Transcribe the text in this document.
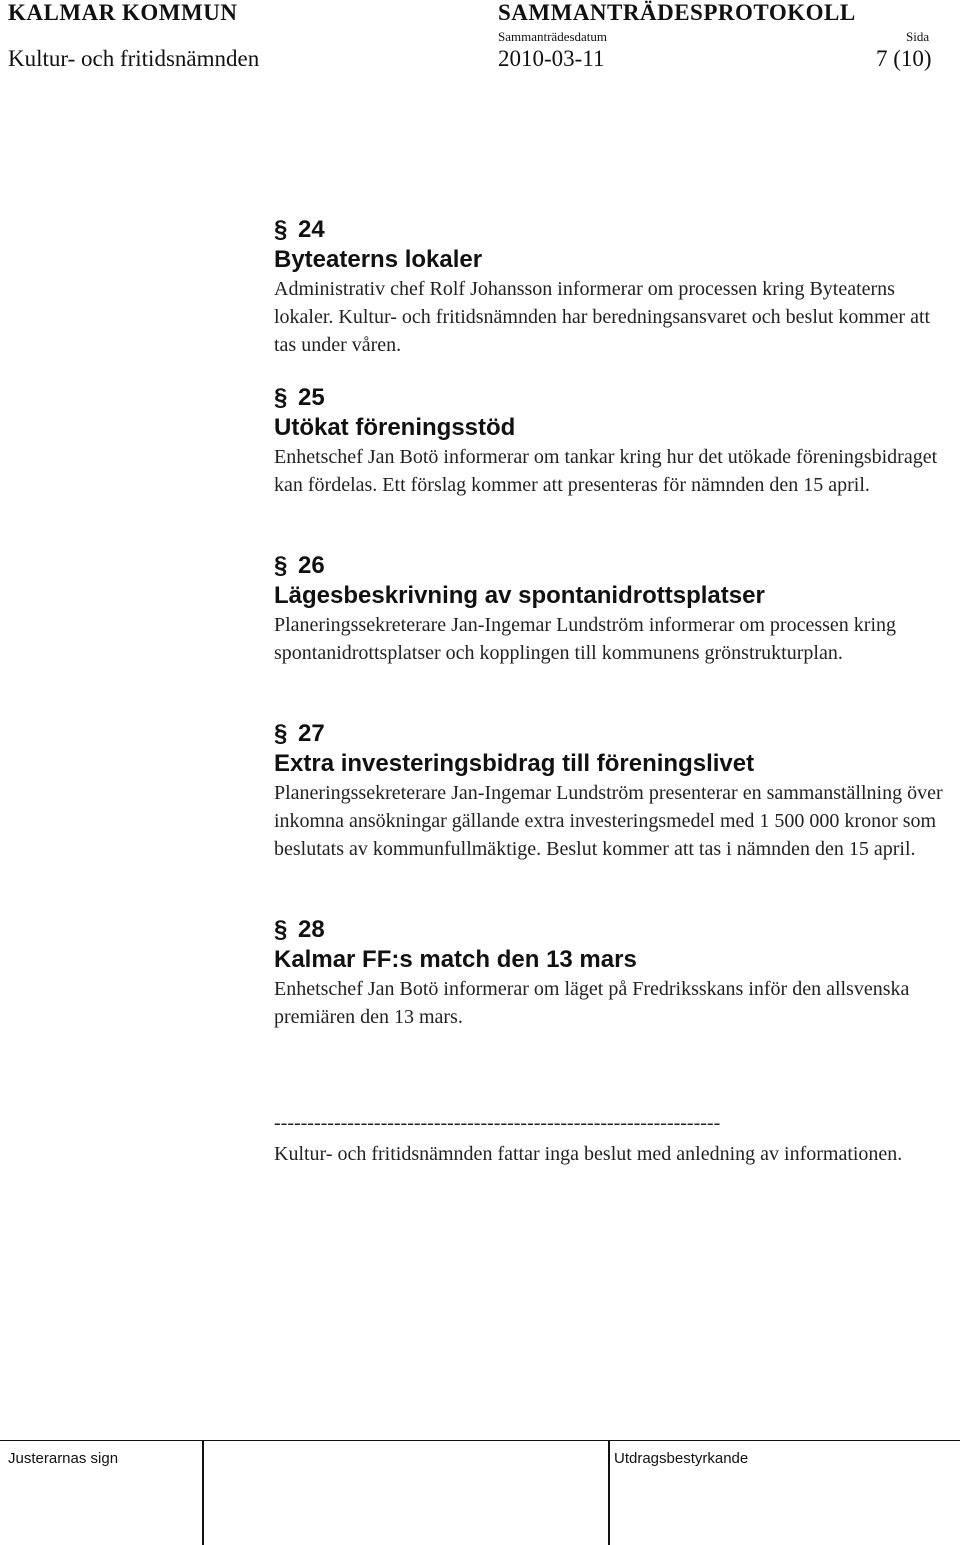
KALMAR KOMMUN	SAMMANTRÄDESPROTOKOLL
Sammanträdesdatum	Sida
Kultur- och fritidsnämnden	2010-03-11	7 (10)
§ 24
Byteaterns lokaler
Administrativ chef Rolf Johansson informerar om processen kring Byteaterns lokaler. Kultur- och fritidsnämnden har beredningsansvaret och beslut kommer att tas under våren.
§ 25
Utökat föreningsstöd
Enhetschef Jan Botö informerar om tankar kring hur det utökade föreningsbidraget kan fördelas. Ett förslag kommer att presenteras för nämnden den 15 april.
§ 26
Lägesbeskrivning av spontanidrottsplatser
Planeringssekreterare Jan-Ingemar Lundström informerar om processen kring spontanidrottsplatser och kopplingen till kommunens grönstrukturplan.
§ 27
Extra investeringsbidrag till föreningslivet
Planeringssekreterare Jan-Ingemar Lundström presenterar en sammanställning över inkomna ansökningar gällande extra investeringsmedel med 1 500 000 kronor som beslutats av kommunfullmäktige. Beslut kommer att tas i nämnden den 15 april.
§ 28
Kalmar FF:s match den 13 mars
Enhetschef Jan Botö informerar om läget på Fredriksskans inför den allsvenska premiären den 13 mars.
-------------------------------------------------------------------
Kultur- och fritidsnämnden fattar inga beslut med anledning av informationen.
Justerarnas sign	Utdragsbestyrkande
